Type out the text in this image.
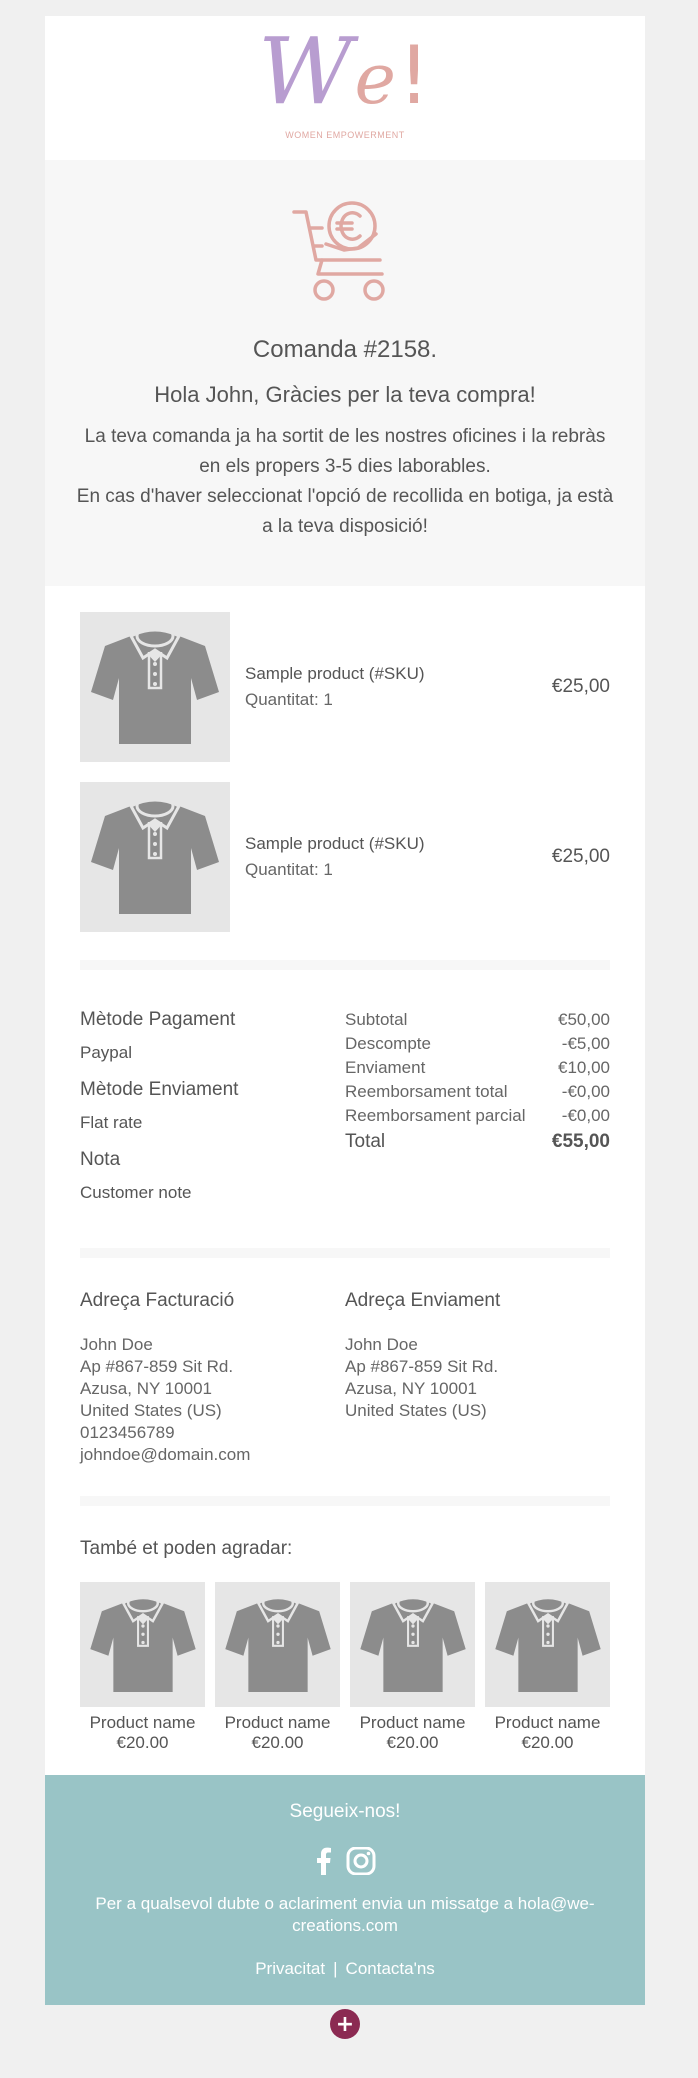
We!
WOMEN EMPOWERMENT
Comanda #2158.
Hola John, Gràcies per la teva compra!
La teva comanda ja ha sortit de les nostres oficines i la rebràs en els propers 3-5 dies laborables.
En cas d'haver seleccionat l'opció de recollida en botiga, ja està a la teva disposició!
Sample product (#SKU)
Quantitat: 1
€25,00
Sample product (#SKU)
Quantitat: 1
€25,00
Mètode Pagament
Paypal
Mètode Enviament
Flat rate
Nota
Customer note
Subtotal	€50,00
Descompte	-€5,00
Enviament	€10,00
Reemborsament total	-€0,00
Reemborsament parcial -€0,00
Total	€55,00
Adreça Facturació
John Doe
Ap #867-859 Sit Rd.
Azusa, NY 10001
United States (US)
0123456789
johndoe@domain.com
Adreça Enviament
John Doe
Ap #867-859 Sit Rd.
Azusa, NY 10001
United States (US)
També et poden agradar:
Product name
€20.00
Product name
€20.00
Product name
€20.00
Product name
€20.00
Segueix-nos!
Per a qualsevol dubte o aclariment envia un missatge a hola@we-creations.com
Privacitat | Contacta'ns
+
